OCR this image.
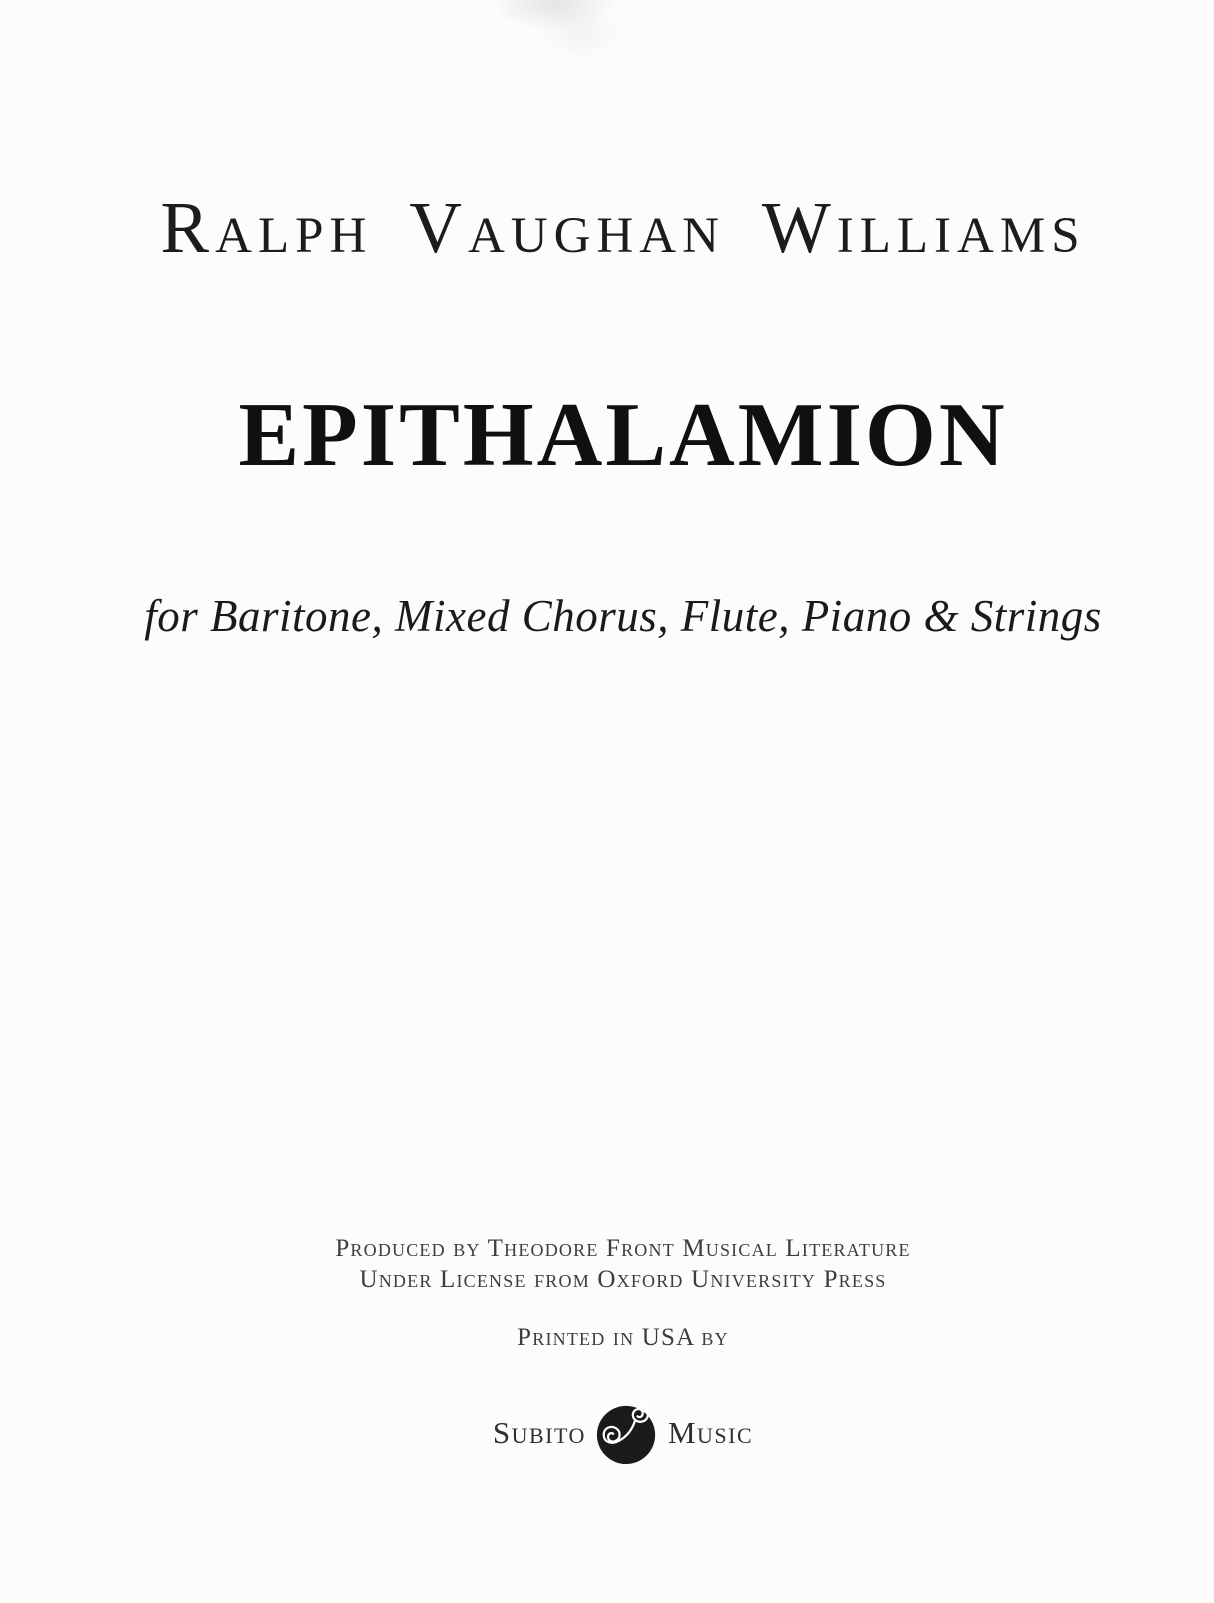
Ralph Vaughan Williams
EPITHALAMION
for Baritone, Mixed Chorus, Flute, Piano & Strings
Produced by Theodore Front Musical Literature
Under License from Oxford University Press
Printed in USA by
Subito	Music
